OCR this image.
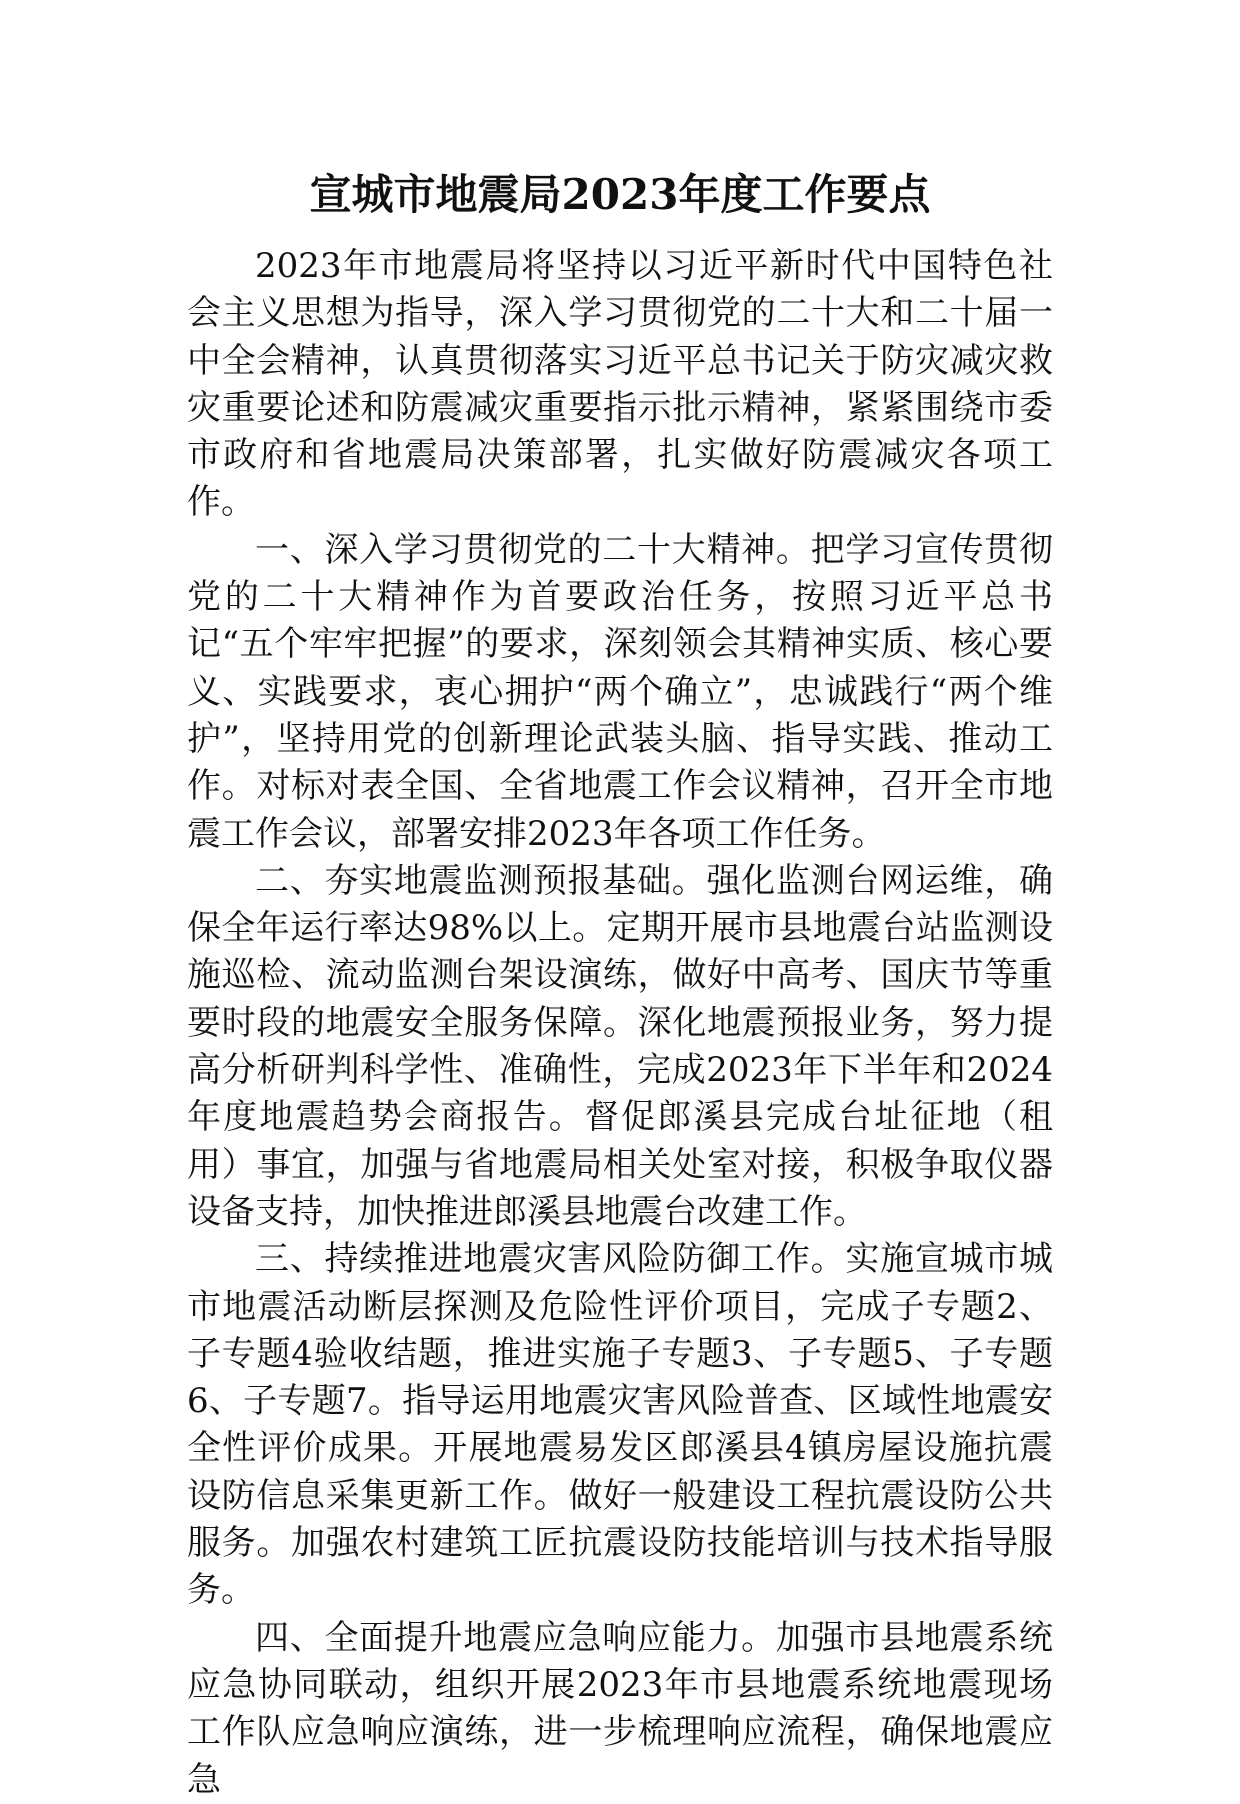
宣城市地震局2023年度工作要点

2023年市地震局将坚持以习近平新时代中国特色社会主义思想为指导，深入学习贯彻党的二十大和二十届一中全会精神，认真贯彻落实习近平总书记关于防灾减灾救灾重要论述和防震减灾重要指示批示精神，紧紧围绕市委市政府和省地震局决策部署，扎实做好防震减灾各项工作。

一、深入学习贯彻党的二十大精神。把学习宣传贯彻党的二十大精神作为首要政治任务，按照习近平总书记“五个牢牢把握”的要求，深刻领会其精神实质、核心要义、实践要求，衷心拥护“两个确立”，忠诚践行“两个维护”，坚持用党的创新理论武装头脑、指导实践、推动工作。对标对表全国、全省地震工作会议精神，召开全市地震工作会议，部署安排2023年各项工作任务。

二、夯实地震监测预报基础。强化监测台网运维，确保全年运行率达98%以上。定期开展市县地震台站监测设施巡检、流动监测台架设演练，做好中高考、国庆节等重要时段的地震安全服务保障。深化地震预报业务，努力提高分析研判科学性、准确性，完成2023年下半年和2024年度地震趋势会商报告。督促郎溪县完成台址征地（租用）事宜，加强与省地震局相关处室对接，积极争取仪器设备支持，加快推进郎溪县地震台改建工作。

三、持续推进地震灾害风险防御工作。实施宣城市城市地震活动断层探测及危险性评价项目，完成子专题2、子专题4验收结题，推进实施子专题3、子专题5、子专题6、子专题7。指导运用地震灾害风险普查、区域性地震安全性评价成果。开展地震易发区郎溪县4镇房屋设施抗震设防信息采集更新工作。做好一般建设工程抗震设防公共服务。加强农村建筑工匠抗震设防技能培训与技术指导服务。

四、全面提升地震应急响应能力。加强市县地震系统应急协同联动，组织开展2023年市县地震系统地震现场工作队应急响应演练，进一步梳理响应流程，确保地震应急
